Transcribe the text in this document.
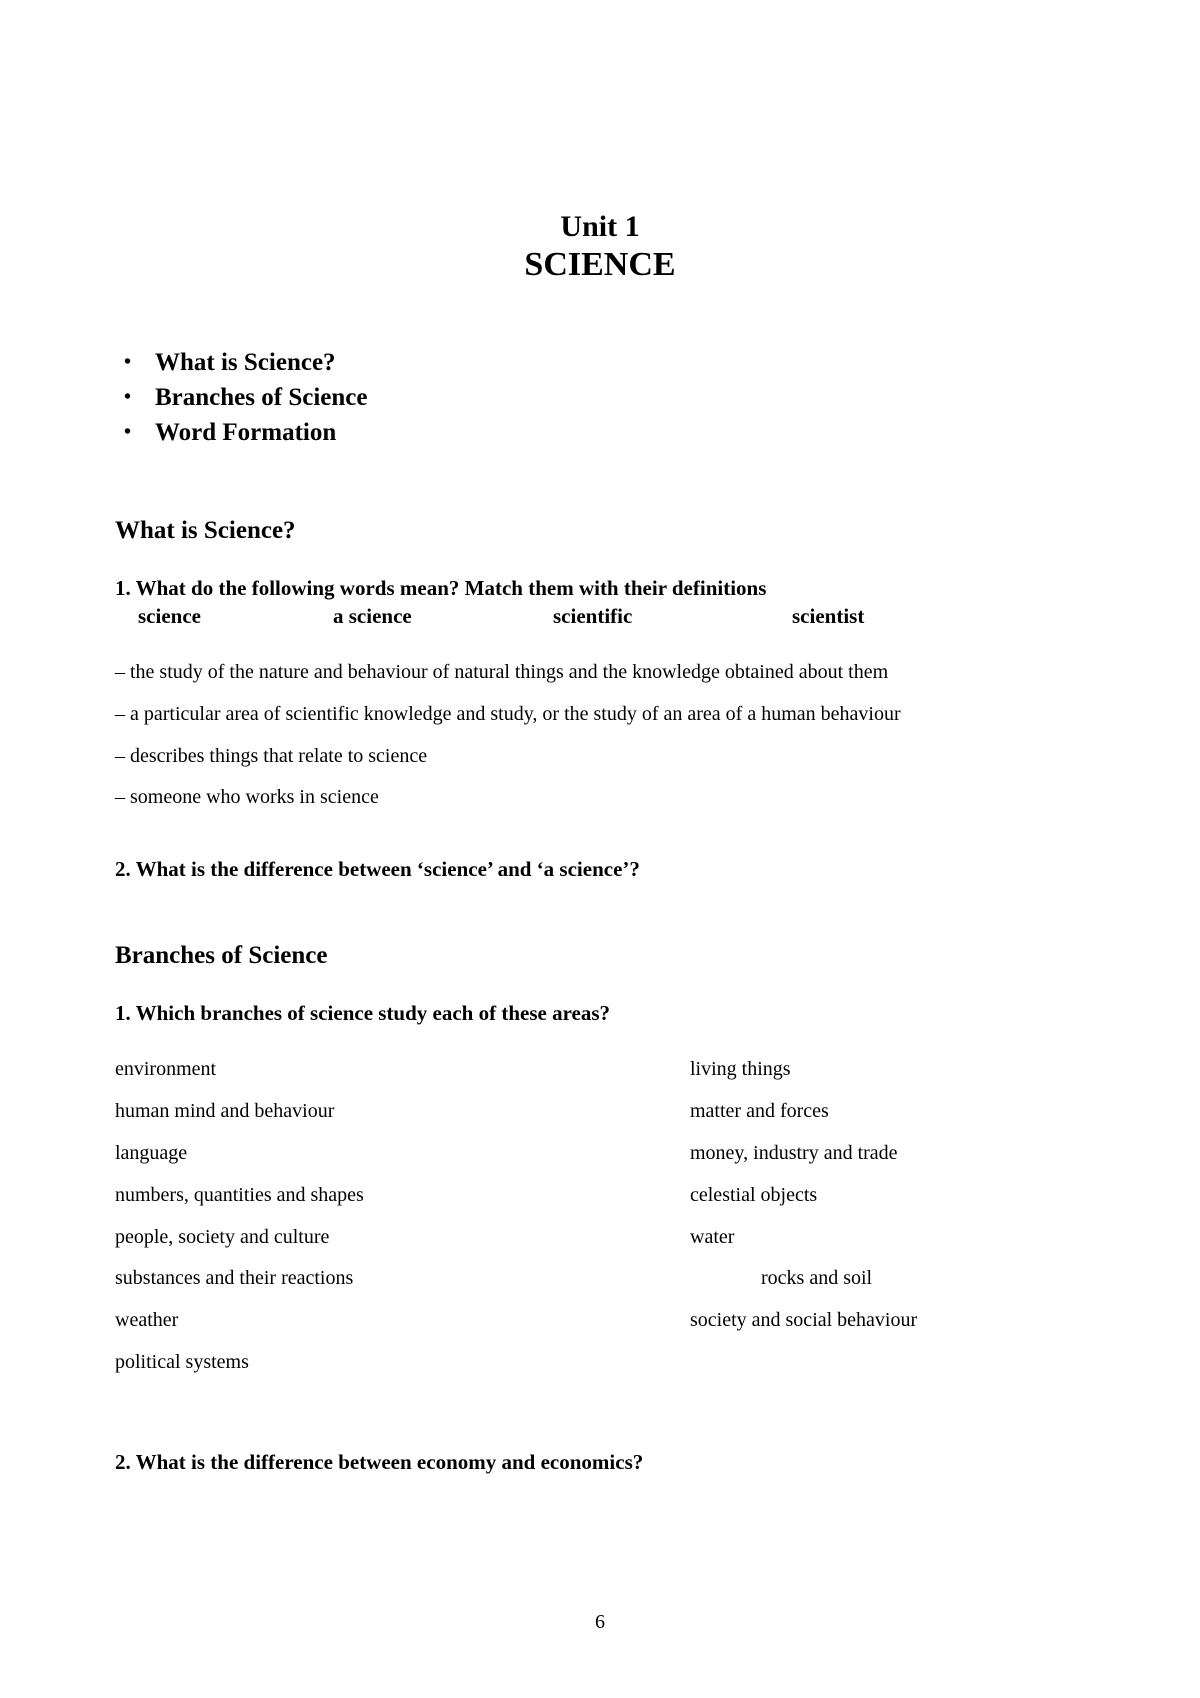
Unit 1
SCIENCE
• What is Science?
• Branches of Science
• Word Formation
What is Science?
1. What do the following words mean? Match them with their definitions
science	a science	scientific	scientist
– the study of the nature and behaviour of natural things and the knowledge obtained about them
– a particular area of scientific knowledge and study, or the study of an area of a human behaviour
– describes things that relate to science
– someone who works in science
2. What is the difference between ‘science’ and ‘a science’?
Branches of Science
1. Which branches of science study each of these areas?
environment
human mind and behaviour
language
numbers, quantities and shapes
people, society and culture
substances and their reactions
weather
political systems
living things
matter and forces
money, industry and trade
celestial objects
water
rocks and soil
society and social behaviour
2. What is the difference between economy and economics?
6
